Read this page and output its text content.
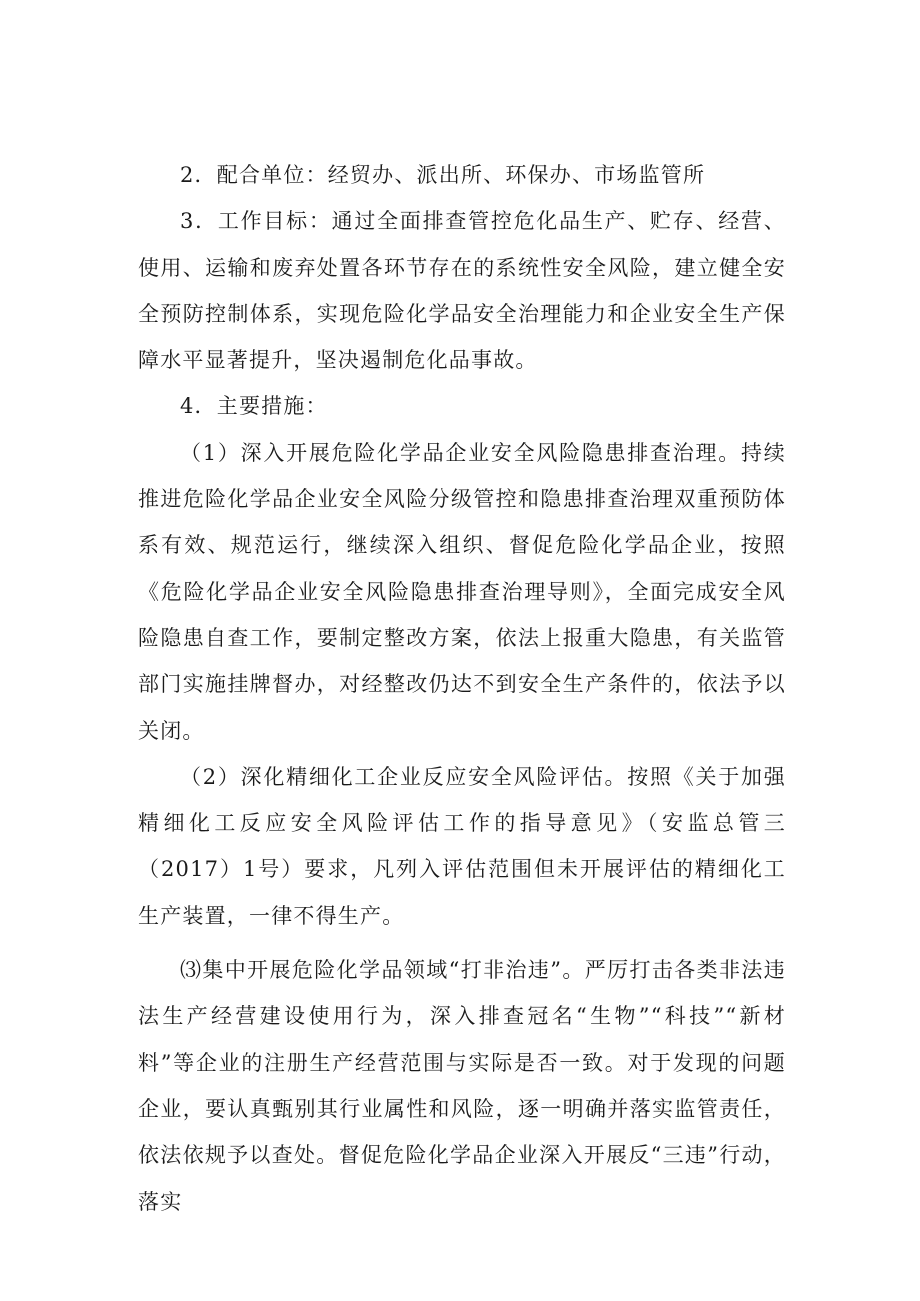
2．配合单位：经贸办、派出所、环保办、市场监管所

3．工作目标：通过全面排查管控危化品生产、贮存、经营、使用、运输和废弃处置各环节存在的系统性安全风险，建立健全安全预防控制体系，实现危险化学品安全治理能力和企业安全生产保障水平显著提升，坚决遏制危化品事故。

4．主要措施：

（1）深入开展危险化学品企业安全风险隐患排查治理。持续推进危险化学品企业安全风险分级管控和隐患排查治理双重预防体系有效、规范运行，继续深入组织、督促危险化学品企业，按照《危险化学品企业安全风险隐患排查治理导则》，全面完成安全风险隐患自查工作，要制定整改方案，依法上报重大隐患，有关监管部门实施挂牌督办，对经整改仍达不到安全生产条件的，依法予以关闭。

（2）深化精细化工企业反应安全风险评估。按照《关于加强精细化工反应安全风险评估工作的指导意见》（安监总管三（2017）1号）要求，凡列入评估范围但未开展评估的精细化工生产装置，一律不得生产。

⑶集中开展危险化学品领域“打非治违”。严厉打击各类非法违法生产经营建设使用行为，深入排查冠名“生物”“科技”“新材料”等企业的注册生产经营范围与实际是否一致。对于发现的问题企业，要认真甄别其行业属性和风险，逐一明确并落实监管责任，依法依规予以查处。督促危险化学品企业深入开展反“三违”行动，落实
